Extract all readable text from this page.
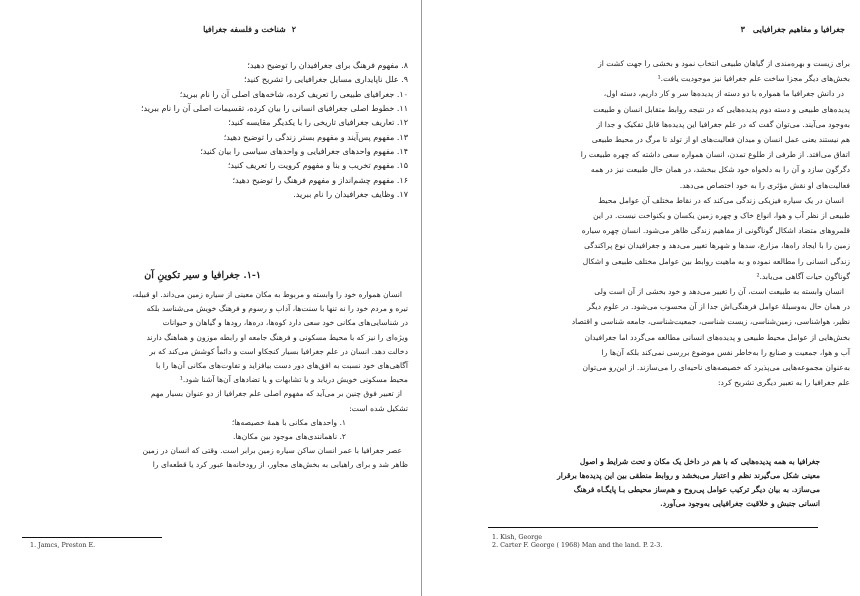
۲شناخت و فلسفه جغرافیا
۸. مفهوم فرهنگ برای جغرافیدان را توضیح دهید؛
۹. علل ناپایداری مسایل جغرافیایی را تشریح کنید؛
۱۰. جغرافیای طبیعی را تعریف کرده، شاخه‌های اصلی آن را نام ببرید؛
۱۱. خطوط اصلی جغرافیای انسانی را بیان کرده، تقسیمات اصلی آن را نام ببرید؛
۱۲. تعاریف جغرافیای تاریخی را با یکدیگر مقایسه کنید؛
۱۳. مفهوم پس‌آیند و مفهوم بستر زندگی را توضیح دهید؛
۱۴. مفهوم واحدهای جغرافیایی و واحدهای سیاسی را بیان کنید؛
۱۵. مفهوم تخریب و بنا و مفهوم کرویت را تعریف کنید؛
۱۶. مفهوم چشم‌انداز و مفهوم فرهنگ را توضیح دهید؛
۱۷. وظایف جغرافیدان را نام ببرید.
۱-۱. جغرافیا و سیر تکوینِ آن
انسان همواره خود را وابسته و مربوط به مکان معینی از سیاره زمین می‌داند. او قبیله،
تیره و مردم خود را نه تنها با سنت‌ها، آداب و رسوم و فرهنگ خویش می‌شناسد بلکه
در شناسایی‌های مکانی خود سعی دارد کوه‌ها، دره‌ها، رودها و گیاهان و حیوانات
ویژه‌ای را نیز که با محیط مسکونی و فرهنگ جامعه او رابطه موزون و هماهنگ دارند
دخالت دهد. انسان در علم جغرافیا بسیار کنجکاو است و دائماً کوشش می‌کند که بر
آگاهی‌های خود نسبت به افق‌های دور دست بیافزاید و تفاوت‌های مکانی آن‌ها را با
محیط مسکونی خویش دریابد و یا تشابهات و یا تضادهای آن‌ها آشنا شود.¹
از تعبیر فوق چنین بر می‌آید که مفهوم اصلی علم جغرافیا از دو عنوان بسیار مهم
تشکیل شده است:
۱. واحدهای مکانی با همهٔ خصیصه‌ها؛
۲. ناهمانندی‌های موجود بین مکان‌ها.
عصر جغرافیا با عمر انسان ساکن سیاره زمین برابر است. وقتی که انسان در زمین
ظاهر شد و برای راهیابی به بخش‌های مجاور، از رودخانه‌ها عبور کرد یا قطعه‌ای را
1. Jamcs, Preston E.
جغرافیا و مفاهیم جغرافیایی۳
برای زیست و بهره‌مندی از گیاهان طبیعی انتخاب نمود و بخشی را جهت کشت از
بخش‌های دیگر مجزا ساخت علم جغرافیا نیز موجودیت یافت.¹
در دانش جغرافیا ما همواره با دو دسته از پدیده‌ها سر و کار داریم، دسته اول،
پدیده‌های طبیعی و دسته دوم پدیده‌هایی که در نتیجه روابط متقابل انسان و طبیعت
به‌وجود می‌آیند. می‌توان گفت که در علم جغرافیا این پدیده‌ها قابل تفکیک و جدا از
هم نیستند یعنی عمل انسان و میدان فعالیت‌های او از تولد تا مرگ در محیط طبیعی
اتفاق می‌افتد. از طرفی از طلوع تمدن، انسان همواره سعی داشته که چهره طبیعت را
دگرگون سازد و آن را به دلخواه خود شکل ببخشد، در همان حال طبیعت نیز در همه
فعالیت‌های او نقش مؤثری را به خود اختصاص می‌دهد.
انسان در یک سیاره فیزیکی زندگی می‌کند که در نقاط مختلف آن عوامل محیط
طبیعی از نظر آب و هوا، انواع خاک و چهره زمین یکسان و یکنواخت نیست. در این
قلمروهای متضاد اشکال گوناگونی از مفاهیم زندگی ظاهر می‌شود. انسان چهره سیاره
زمین را با ایجاد راه‌ها، مزارع، سدها و شهرها تغییر می‌دهد و جغرافیدان نوع پراکندگی
زندگی انسانی را مطالعه نموده و به ماهیت روابط بین عوامل مختلف طبیعی و اشکال
گوناگون حیات آگاهی می‌یابد.²
انسان وابسته به طبیعت است، آن را تغییر می‌دهد و خود بخشی از آن است ولی
در همان حال به‌وسیلهٔ عوامل فرهنگی‌اش جدا از آن محسوب می‌شود. در علوم دیگر
نظیر، هواشناسی، زمین‌شناسی، زیست شناسی، جمعیت‌شناسی، جامعه شناسی و اقتصاد
بخش‌هایی از عوامل محیط طبیعی و پدیده‌های انسانی مطالعه می‌گردد اما جغرافیدان
آب و هوا، جمعیت و صنایع را به‌خاطر نفس موضوع بررسی نمی‌کند بلکه آن‌ها را
به‌عنوان مجموعه‌هایی می‌پذیرد که خصیصه‌های ناحیه‌ای را می‌سازند. از این‌رو می‌توان
علم جغرافیا را به تعبیر دیگری تشریح کرد:
جغرافیا به همه پدیده‌هایی که با هم در داخل یک مکان و تحت شرایط و اصول
معینی شکل می‌گیرند نظم و اعتبار می‌بخشد و روابط منطقی بین این پدیده‌ها برقرار
می‌سازد. به بیان دیگر ترکیب عوامل پی‌روح و هم‌ساز محیطی بـا پایگـاه فرهنگ
انسانی جنبش و خلاقیت جغرافیایی به‌وجود می‌آورد.
1. Kish, George
2. Carter F. George ( 1968) Man and the land. P. 2-3.
